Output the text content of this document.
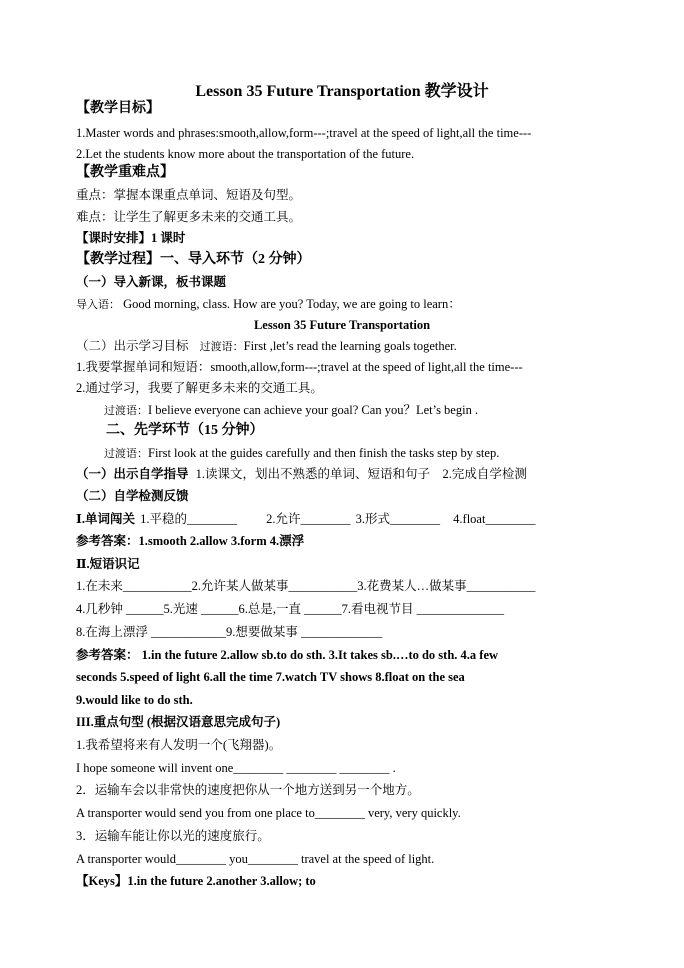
Lesson 35 Future Transportation 教学设计
【教学目标】
1.Master words and phrases:smooth,allow,form---;travel at the speed of light,all the time---
2.Let the students know more about the transportation of the future.
【教学重难点】
重点：掌握本课重点单词、短语及句型。
难点：让学生了解更多未来的交通工具。
【课时安排】1 课时
【教学过程】一、导入环节（2 分钟）
（一）导入新课，板书课题
导入语： Good morning, class. How are you? Today, we are going to learn：
Lesson 35 Future Transportation
（二）出示学习目标 过渡语：First ,let’s read the learning goals together.
1.我要掌握单词和短语：smooth,allow,form---;travel at the speed of light,all the time---
2.通过学习，我要了解更多未来的交通工具。
过渡语：I believe everyone can achieve your goal? Can you？Let’s begin .
二、先学环节（15 分钟）
过渡语：First look at the guides carefully and then finish the tasks step by step.
（一）出示自学指导 1.读课文，划出不熟悉的单词、短语和句子　2.完成自学检测
（二）自学检测反馈
Ⅰ.单词闯关 1.平稳的________ 2.允许________ 3.形式________ 4.float________
参考答案：1.smooth 2.allow 3.form 4.漂浮
Ⅱ.短语识记
1.在未来___________2.允许某人做某事___________3.花费某人…做某事___________
4.几秒钟 ______5.光速 ______6.总是,一直 ______7.看电视节目 ______________
8.在海上漂浮 ____________9.想要做某事 _____________
参考答案： 1.in the future 2.allow sb.to do sth. 3.It takes sb.…to do sth. 4.a few
seconds 5.speed of light 6.all the time 7.watch TV shows 8.float on the sea
9.would like to do sth.
III.重点句型 (根据汉语意思完成句子)
1.我希望将来有人发明一个(飞翔器)。
I hope someone will invent one________ ________ ________ .
2．运输车会以非常快的速度把你从一个地方送到另一个地方。
A transporter would send you from one place to________ very, very quickly.
3．运输车能让你以光的速度旅行。
A transporter would________ you________ travel at the speed of light.
【Keys】1.in the future 2.another 3.allow; to
